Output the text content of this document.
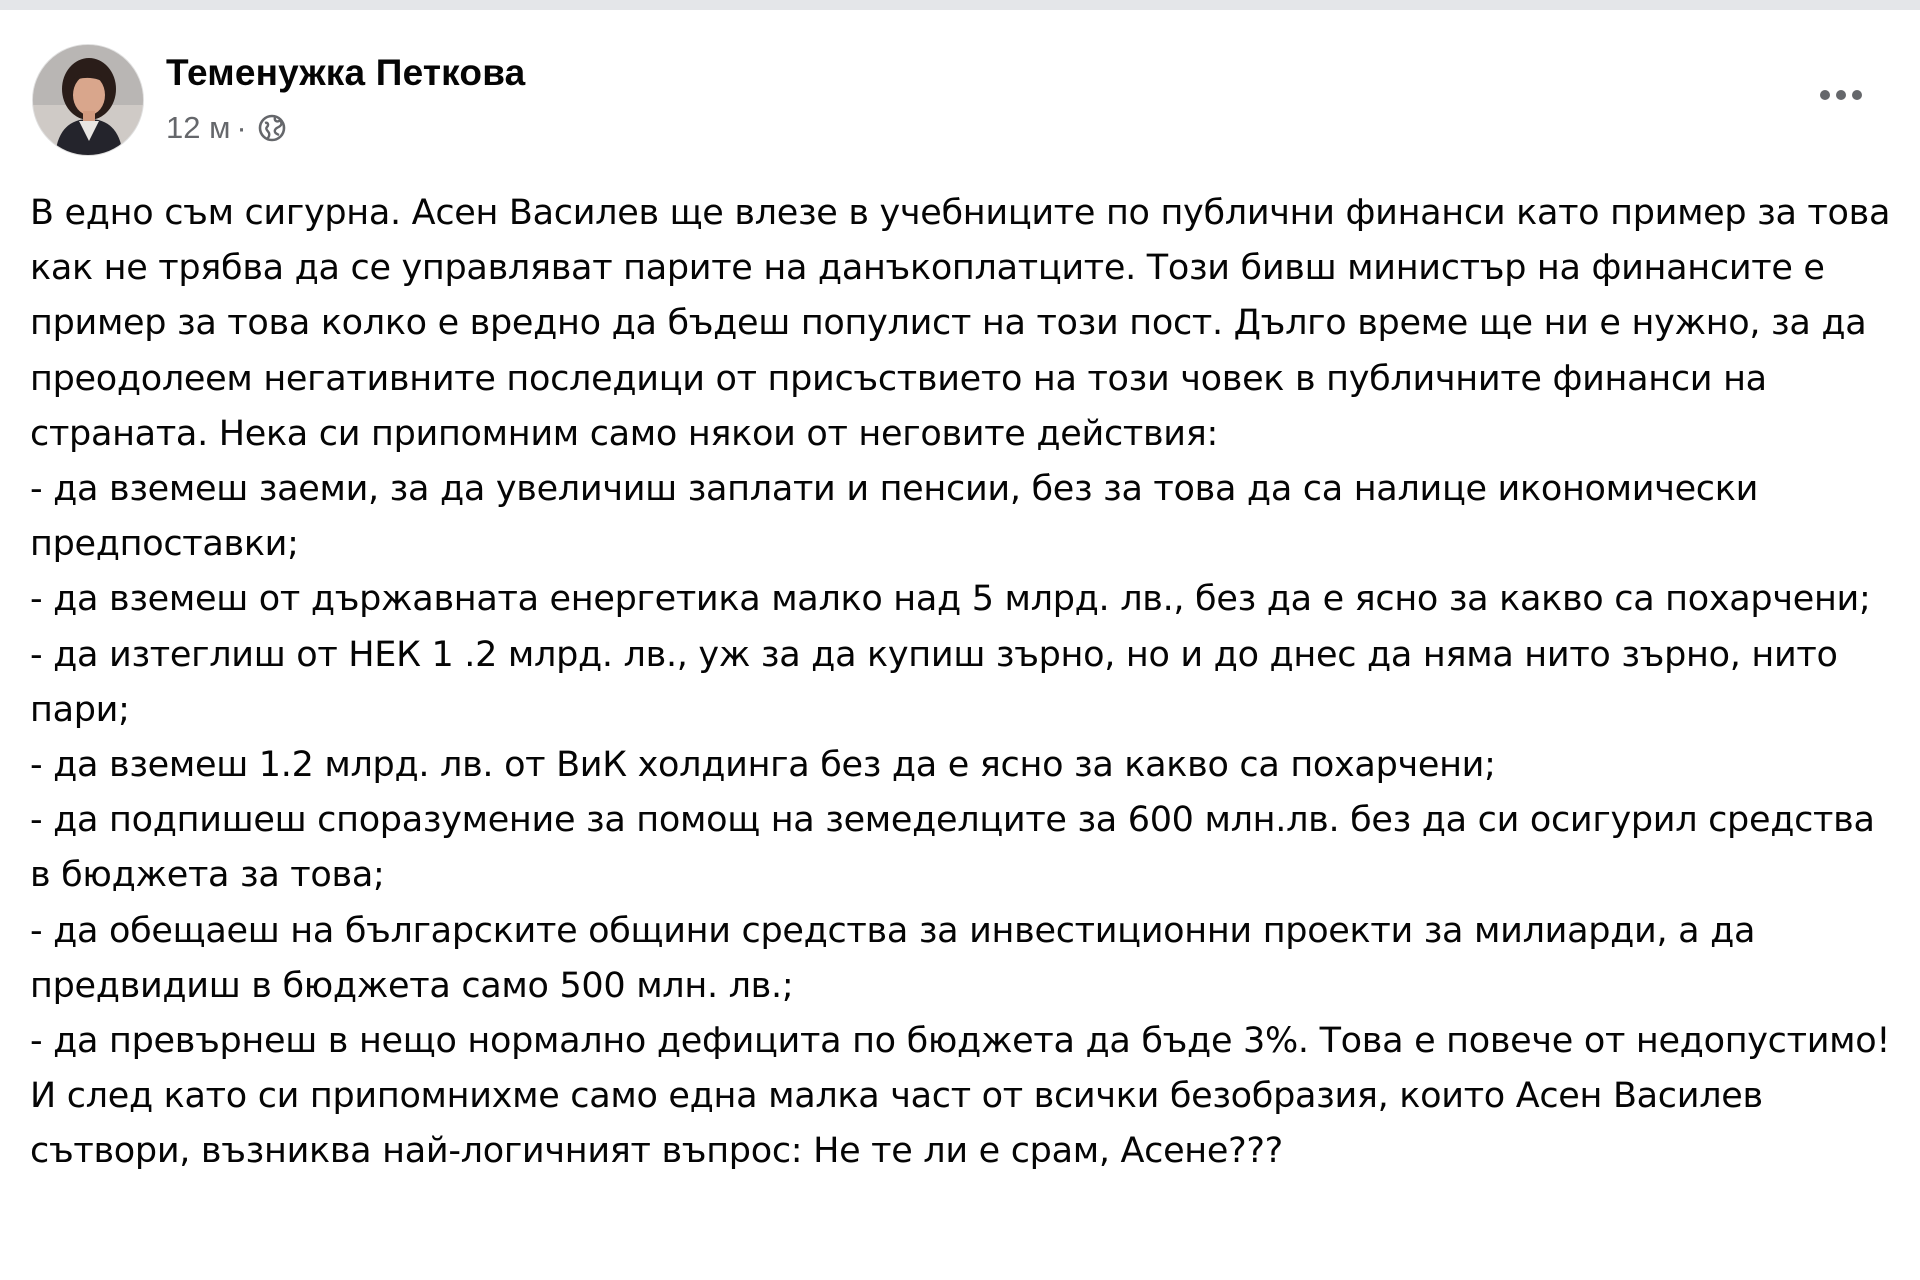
Теменужка Петкова
12 м ·

В едно съм сигурна. Асен Василев ще влезе в учебниците по публични финанси като пример за това как не трябва да се управляват парите на данъкоплатците. Този бивш министър на финансите е пример за това колко е вредно да бъдеш популист на този пост. Дълго време ще ни е нужно, за да преодолеем негативните последици от присъствието на този човек в публичните финанси на страната. Нека си припомним само някои от неговите действия:

- да вземеш заеми, за да увеличиш заплати и пенсии, без за това да са налице икономически предпоставки;

- да вземеш от държавната енергетика малко над 5 млрд. лв., без да е ясно за какво са похарчени;

- да изтеглиш от НЕК 1 .2 млрд. лв., уж за да купиш зърно, но и до днес да няма нито зърно, нито пари;

- да вземеш 1.2 млрд. лв. от ВиК холдинга без да е ясно за какво са похарчени;

- да подпишеш споразумение за помощ на земеделците за 600 млн.лв. без да си осигурил средства в бюджета за това;

- да обещаеш на българските общини средства за инвестиционни проекти за милиарди, а да предвидиш в бюджета само 500 млн. лв.;

- да превърнеш в нещо нормално дефицита по бюджета да бъде 3%. Това е повече от недопустимо!

И след като си припомнихме само една малка част от всички безобразия, които Асен Василев сътвори, възниква най-логичният въпрос: Не те ли е срам, Асене???
